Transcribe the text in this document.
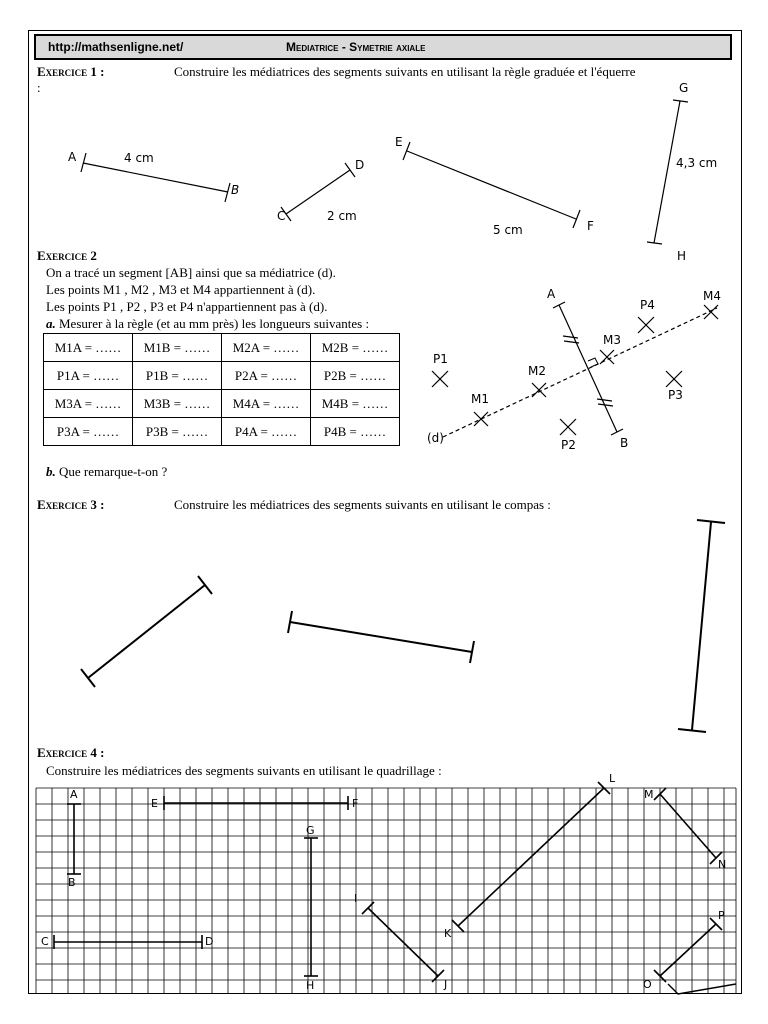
http://mathsenligne.net/	Mediatrice - Symetrie axiale
Exercice 1 :	Construire les médiatrices des segments suivants en utilisant la règle graduée et l'équerre
:
A
B
4 cm
C
D
2 cm
E
F
5 cm
G
H
4,3 cm
Exercice 2
On a tracé un segment [AB] ainsi que sa médiatrice (d).
Les points M1 , M2 , M3 et M4 appartiennent à (d).
Les points P1 , P2 , P3 et P4 n'appartiennent pas à (d).
a. Mesurer à la règle (et au mm près) les longueurs suivantes :
M1A = ……	M1B = ……	M2A = ……	M2B = ……
P1A = ……	P1B = ……	P2A = ……	P2B = ……
M3A = ……	M3B = ……	M4A = ……	M4B = ……
P3A = ……	P3B = ……	P4A = ……	P4B = ……
b. Que remarque-t-on ?
A
B
(d)
M1
M2
M3
M4
P1
P2
P3
P4
Exercice 3 :	Construire les médiatrices des segments suivants en utilisant le compas :
Exercice 4 :
Construire les médiatrices des segments suivants en utilisant le quadrillage :
A
B
C	D
E	F
G
H
I
J
K
L
M
N
O
P
